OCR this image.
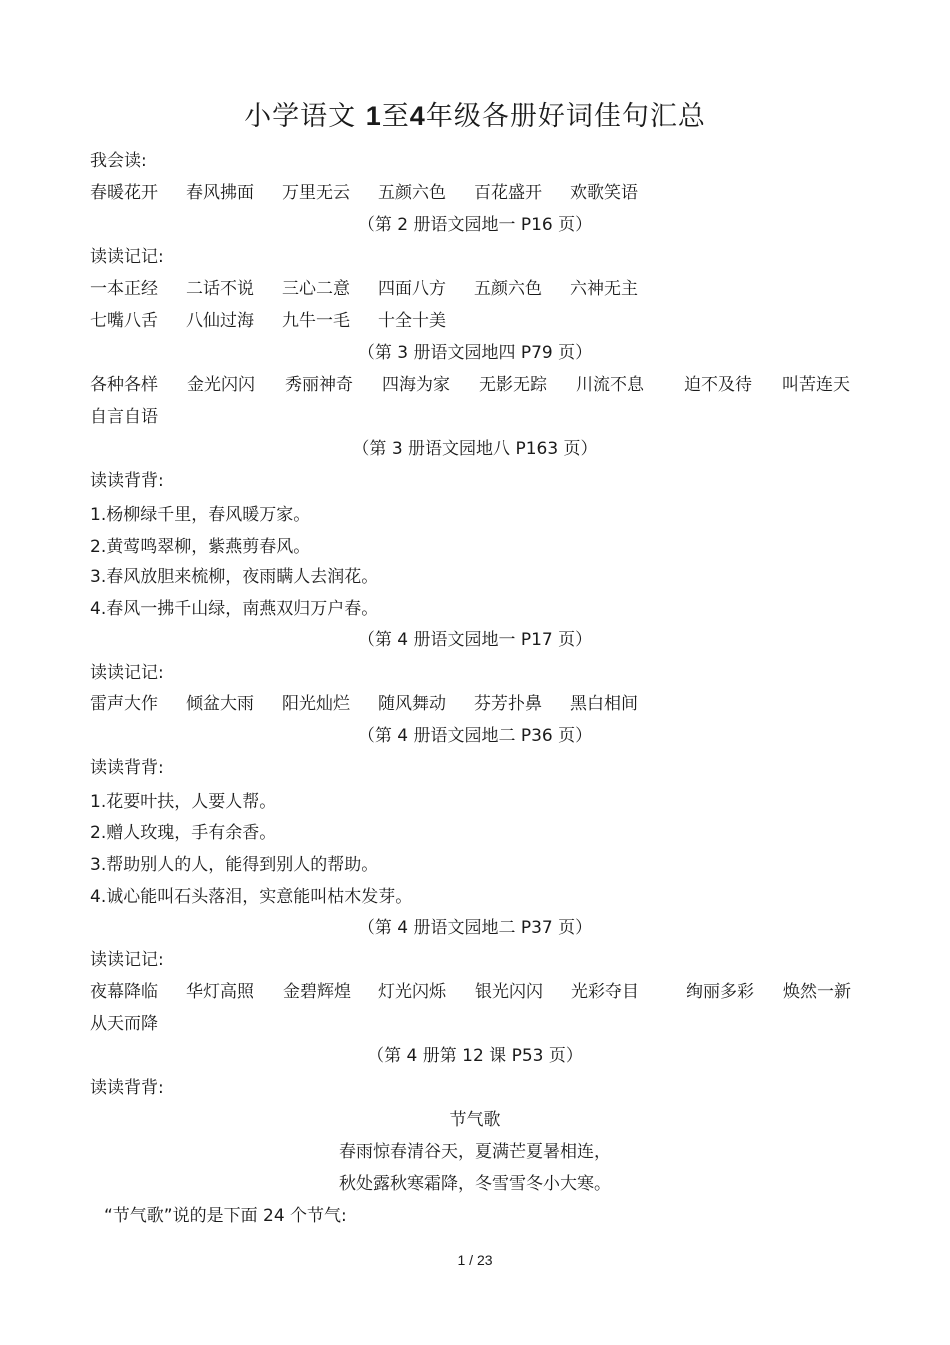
小学语文 1至4年级各册好词佳句汇总
我会读:
春暖花开 春风拂面 万里无云 五颜六色 百花盛开 欢歌笑语
（第 2 册语文园地一 P16 页）
读读记记:
一本正经 二话不说 三心二意 四面八方 五颜六色 六神无主
七嘴八舌 八仙过海 九牛一毛 十全十美
（第 3 册语文园地四 P79 页）
各种各样 金光闪闪 秀丽神奇 四海为家 无影无踪 川流不息 迫不及待 叫苦连天
自言自语
（第 3 册语文园地八 P163 页）
读读背背:
1.杨柳绿千里，春风暖万家。
2.黄莺鸣翠柳，紫燕剪春风。
3.春风放胆来梳柳，夜雨瞒人去润花。
4.春风一拂千山绿，南燕双归万户春。
（第 4 册语文园地一 P17 页）
读读记记:
雷声大作 倾盆大雨 阳光灿烂 随风舞动 芬芳扑鼻 黑白相间
（第 4 册语文园地二 P36 页）
读读背背:
1.花要叶扶，人要人帮。
2.赠人玫瑰，手有余香。
3.帮助别人的人，能得到别人的帮助。
4.诚心能叫石头落泪，实意能叫枯木发芽。
（第 4 册语文园地二 P37 页）
读读记记:
夜幕降临 华灯高照 金碧辉煌 灯光闪烁 银光闪闪 光彩夺目	绚丽多彩 焕然一新
从天而降
（第 4 册第 12 课 P53 页）
读读背背:
节气歌
春雨惊春清谷天，夏满芒夏暑相连，
秋处露秋寒霜降，冬雪雪冬小大寒。
“节气歌”说的是下面 24 个节气:
1 / 23
